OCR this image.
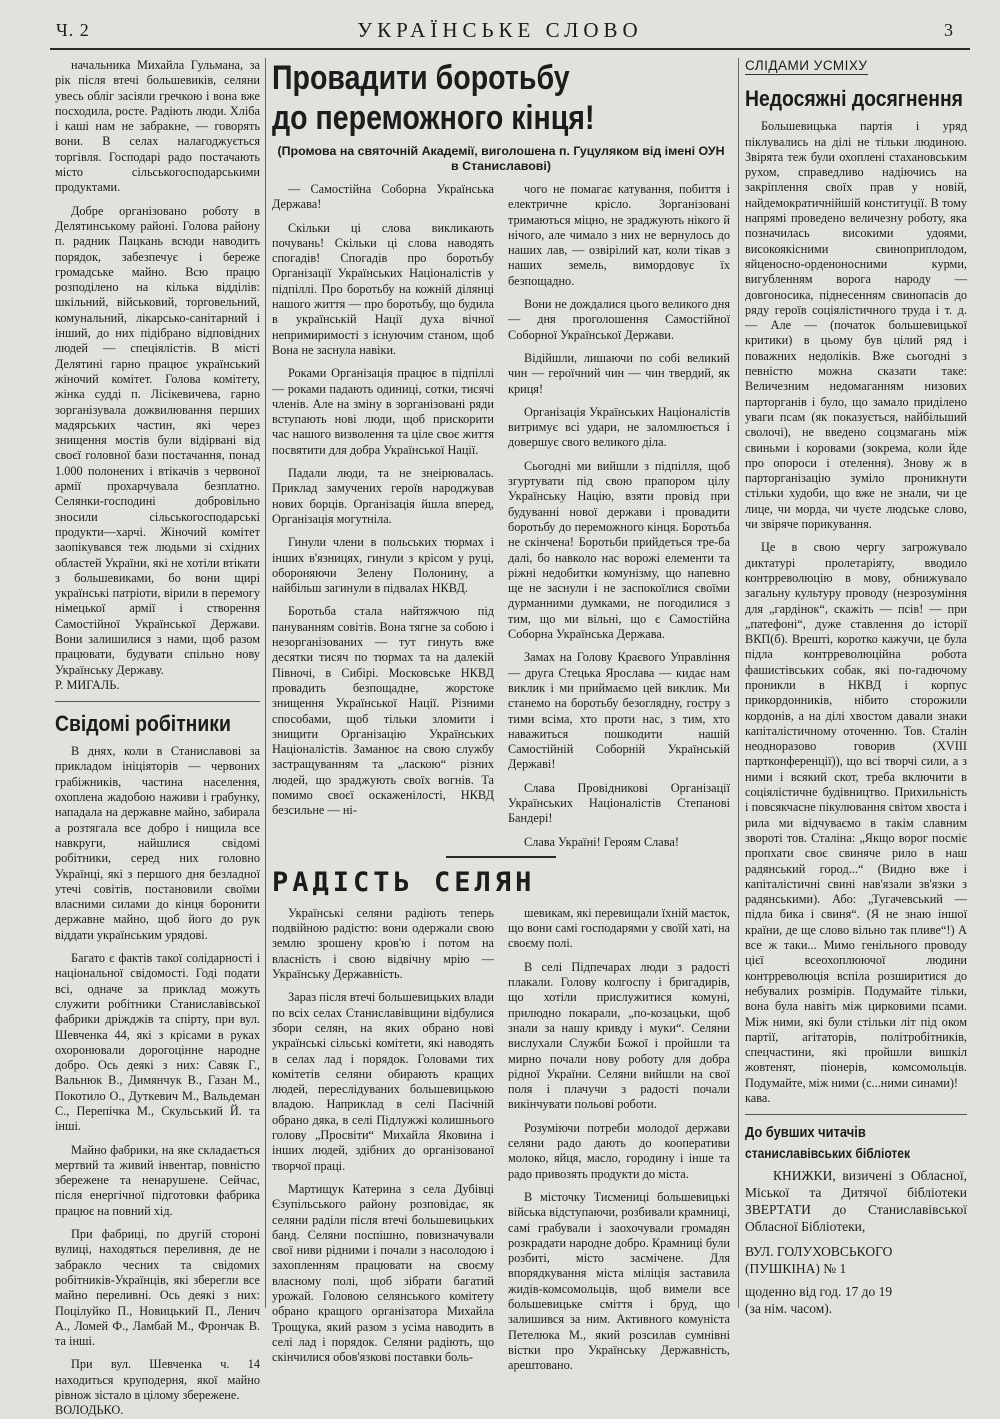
Ч. 2	УКРАЇНСЬКЕ СЛОВО	3

начальника Михайла Гульмана, за рік після втечі большевиків, селяни увесь обліг засіяли гречкою і вона вже посходила, росте. Радіють люди. Хліба і каші нам не забракне, — говорять вони. В селах налагоджується торгівля. Господарі радо постачають місто сільськогосподарськими продуктами.

Добре організовано роботу в Делятинському районі. Голова району п. радник Пацкань всюди наводить порядок, забезпечує і береже громадське майно. Всю працю розподілено на кілька відділів: шкільний, військовий, торговельний, комунальний, лікарсько-санітарний і інший, до них підібрано відповідних людей — спеціялістів. В місті Делятині гарно працює український жіночий комітет. Голова комітету, жінка судді п. Лісікевичева, гарно зорганізувала дожвилювання перших мадярських частин, які через знищення мостів були відірвані від своєї головної бази постачання, понад 1.000 полонених і втікачів з червоної армії прохарчувала безплатно. Селянки-господині добровільно зносили сільськогосподарські продукти—харчі. Жіночий комітет заопікувався теж людьми зі східних областей України, які не хотіли втікати з большевиками, бо вони щирі українські патріоти, вірили в перемогу німецької армії і створення Самостійної Української Держави. Вони залишилися з нами, щоб разом працювати, будувати спільно нову Українську Державу.

Р. МИГАЛЬ.

Свідомі робітники

В днях, коли в Станиславові за прикладом ініціяторів — червоних грабіжників, частина населення, охоплена жадобою наживи і грабунку, нападала на державне майно, забирала а розтягала все добро і нищила все навкруги, найшлися свідомі робітники, серед них головно Українці, які з першого дня безладної утечі совітів, постановили своїми власними силами до кінця боронити державне майно, щоб його до рук віддати українським урядові.

Багато є фактів такої солідарності і національної свідомості. Годі подати всі, одначе за приклад можуть служити робітники Станиславівської фабрики дріжджів та спірту, при вул. Шевченка 44, які з крісами в руках охоронювали дорогоцінне народне добро. Ось деякі з них: Савяк Г., Вальнюк В., Димянчук В., Газан М., Покотило О., Дуткевич М., Вальдеман С., Перепічка М., Скульський Й. та інші.

Майно фабрики, на яке складається мертвий та живий інвентар, повністю збережене та ненарушене. Сейчас, після енергічної підготовки фабрика працює на повний хід.

При фабриці, по другій стороні вулиці, находяться переливня, де не забракло чесних та свідомих робітників-Українців, які зберегли все майно переливні. Ось деякі з них: Поцілуйко П., Новицький П., Ленич А., Ломей Ф., Ламбай М., Фрончак В. та інші.

При вул. Шевченка ч. 14 находиться круподерня, якої майно рівнож зістало в цілому збережене.

ВОЛОДЬКО.

Провадити боротьбу
до переможного кінця!
(Промова на святочній Академії, виголошена п. Гуцуляком від імені ОУН в Станиславові)

— Самостійна Соборна Українська Держава!

Скільки ці слова викликають почувань! Скільки ці слова наводять спогадів! Спогадів про боротьбу Організації Українських Націоналістів у підпіллі. Про боротьбу на кожній ділянці нашого життя — про боротьбу, що будила в українській Нації духа вічної непримиримості з існуючим станом, щоб Вона не заснула навіки.

Роками Організація працює в підпіллі — роками падають одиниці, сотки, тисячі членів. Але на зміну в зорганізовані ряди вступають нові люди, щоб прискорити час нашого визволення та ціле своє життя посвятити для добра Української Нації.

Падали люди, та не знеірювалась. Приклад замучених героїв народжував нових борців. Організація йшла вперед, Організація могутніла.

Гинули члени в польських тюрмах і інших в'язницях, гинули з крісом у руці, обороняючи Зелену Полонину, а найбільш загинули в підвалах НКВД.

Боротьба стала найтяжчою під пануванням совітів. Вона тягне за собою і незорганізованих — тут гинуть вже десятки тисяч по тюрмах та на далекій Півночі, в Сибірі. Московське НКВД провадить безпощадне, жорстоке знищення Української Нації. Різними способами, щоб тільки зломити і знищити Організацію Українських Націоналістів. Заманює на свою службу застращуванням та „ласкою“ різних людей, що зраджують своїх вогнів. Та помимо своєї оскаженілості, НКВД безсильне — ні-

чого не помагає катування, побиття і електричне крісло. Зорганізовані тримаються міцно, не зраджують нікого й нічого, але чимало з них не вернулось до наших лав, — озвірілий кат, коли тікав з наших земель, вимордовує їх безпощадно.

Вони не дождалися цього великого дня — дня проголошення Самостійної Соборної Української Держави.

Відійшли, лишаючи по собі великий чин — героїчний чин — чин твердий, як криця!

Організація Українських Націоналістів витримує всі удари, не заломлюється і довершує свого великого діла.

Сьогодні ми вийшли з підпілля, щоб згуртувати під свою прапором цілу Українську Націю, взяти провід при будуванні нової держави і провадити боротьбу до переможного кінця. Боротьба не скінчена! Боротьби прийдеться тре-ба далі, бо навколо нас ворожі елементи та ріжні недобитки комунізму, що напевно ще не заснули і не заспокоїлися своїми дурманними думками, не погодилися з тим, що ми вільні, що є Самостійна Соборна Українська Держава.

Замах на Голову Краєвого Управління — друга Стецька Ярослава — кидає нам виклик і ми приймаємо цей виклик. Ми станемо на боротьбу безоглядну, гостру з тими всіма, хто проти нас, з тим, хто наважиться пошкодити нашій Самостійній Соборній Українській Державі!

Слава Провідникові Організації Українських Націоналістів Степанові Бандері!

Слава Україні! Героям Слава!

РАДІСТЬ СЕЛЯН

Українські селяни радіють теперь подвійною радістю: вони одержали свою землю зрошену кров'ю і потом на власність і свою відвічну мрію — Українську Державність.

Зараз після втечі большевицьких влади по всіх селах Станиславівщини відбулися збори селян, на яких обрано нові українські сільські комітети, які наводять в селах лад і порядок. Головами тих комітетів селяни обирають кращих людей, переслідуваних большевицькою владою. Наприклад в селі Пасічній обрано дяка, в селі Підлужжі колишнього голову „Просвіти“ Михайла Яковина і інших людей, здібних до організованої творчої праці.

Мартищук Катерина з села Дубівці Єзупільського району розповідає, як селяни раділи після втечі большевицьких банд. Селяни поспішно, повизначували свої ниви рідними і почали з насолодою і захопленням працювати на своєму власному полі, щоб зібрати багатий урожай. Головою селянського комітету обрано кращого організатора Михайла Трощука, який разом з усіма наводить в селі лад і порядок. Селяни радіють, що скінчилися обов'язкові поставки боль-

шевикам, які перевищали їхній маєток, що вони самі господарями у своїй хаті, на своєму полі.

В селі Підпечарах люди з радості плакали. Голову колгоспу і бригадирів, що хотіли прислужитися комуні, прилюдно покарали, „по-козацьки, щоб знали за нашу кривду і муки“. Селяни вислухали Служби Божої і пройшли та мирно почали нову роботу для добра рідної України. Селяни вийшли на свої поля і плачучи з радості почали викінчувати польові роботи.

Розуміючи потреби молодої держави селяни радо дають до кооперативи молоко, яйця, масло, городину і інше та радо привозять продукти до міста.

В місточку Тисмениці большевицькі війська відступаючи, розбивали крамниці, самі грабували і заохочували громадян розкрадати народне добро. Крамниці були розбиті, місто засмічене. Для впорядкування міста міліція заставила жидів-комсомольців, щоб вимели все большевицьке сміття і бруд, що залишився за ним. Активного комуніста Петелюка М., який розсилав сумнівні вістки про Українську Державність, арештовано.

СЛІДАМИ УСМІХУ
Недосяжні досягнення

Большевицька партія і уряд піклувались на ділі не тільки людиною. Звірята теж були охоплені стахановським рухом, справедливо надіючись на закріплення своїх прав у новій, найдемократичнійшій конституції. В тому напрямі проведено величезну роботу, яка позначилась високими удоями, високоякісними свиноприплодом, яйценосно-орденоносними курми, вигубленням ворога народу — довгоносика, піднесенням свинопасів до ряду героїв соціялістичного труда і т. д. — Але — (початок большевицької критики) в цьому був цілий ряд і поважних недоліків. Вже сьогодні з певністю можна сказати таке: Величезним недомаганням низових парторганів і було, що замало приділено уваги псам (як показується, найбільший сволочі), не введено соцзмагань між свиньми і коровами (зокрема, коли йде про опороси і отелення). Знову ж в парторганізацію зуміло проникнути стільки худоби, що вже не знали, чи це лице, чи морда, чи чуєте людське слово, чи звіряче порикування.

Це в свою чергу загрожувало диктатурі пролетаріяту, вводило контрреволюцію в мову, обнижувало загальну культуру проводу (незрозуміння для „гардінок“, скажіть — псів! — при „патефоні“, дуже ставлення до історії ВКП(б). Врешті, коротко кажучи, це була підла контрреволюційна робота фашистівських собак, які по-гадючому проникли в НКВД і корпус прикордонників, нібито сторожили кордонів, а на ділі хвостом давали знаки капіталістичному оточенню. Тов. Сталін неодноразово говорив (XVIII партконференції)), що всі творчі сили, а з ними і всякий скот, треба включити в соціялістичне будівництво. Прихильність і повсякчасне пікулювання світом хвоста і рила ми відчуваємо в такім славним звороті тов. Сталіна: „Якщо ворог посміє пропхати своє свиняче рило в наш радянський город...“ (Видно вже і капіталістичні свині нав'язали зв'язки з радянськими). Або: „Тугачевський — підла бика і свиня“. (Я не знаю іншої країни, де ще слово вільно так пливе“!) А все ж таки... Мимо генільного проводу цієї всеохоплюючої людини контрреволюція вспіла розширитися до небувалих розмірів. Подумайте тільки, вона була навіть між цирковими псами. Між ними, які були стільки літ під оком партії, агітаторів, політробітників, спецчастини, які пройшли вишкіл жовтенят, піонерів, комсомольців. Подумайте, між ними (с...ними синами)!

кава.

До бувших читачів
станиславівських бібліотек

КНИЖКИ, визичені з Обласної, Міської та Дитячої бібліотеки ЗВЕРТАТИ до Станиславівської Обласної Бібліотеки,

ВУЛ. ГОЛУХОВСЬКОГО
(ПУШКІНА) № 1
щоденно від год. 17 до 19
(за нім. часом).
